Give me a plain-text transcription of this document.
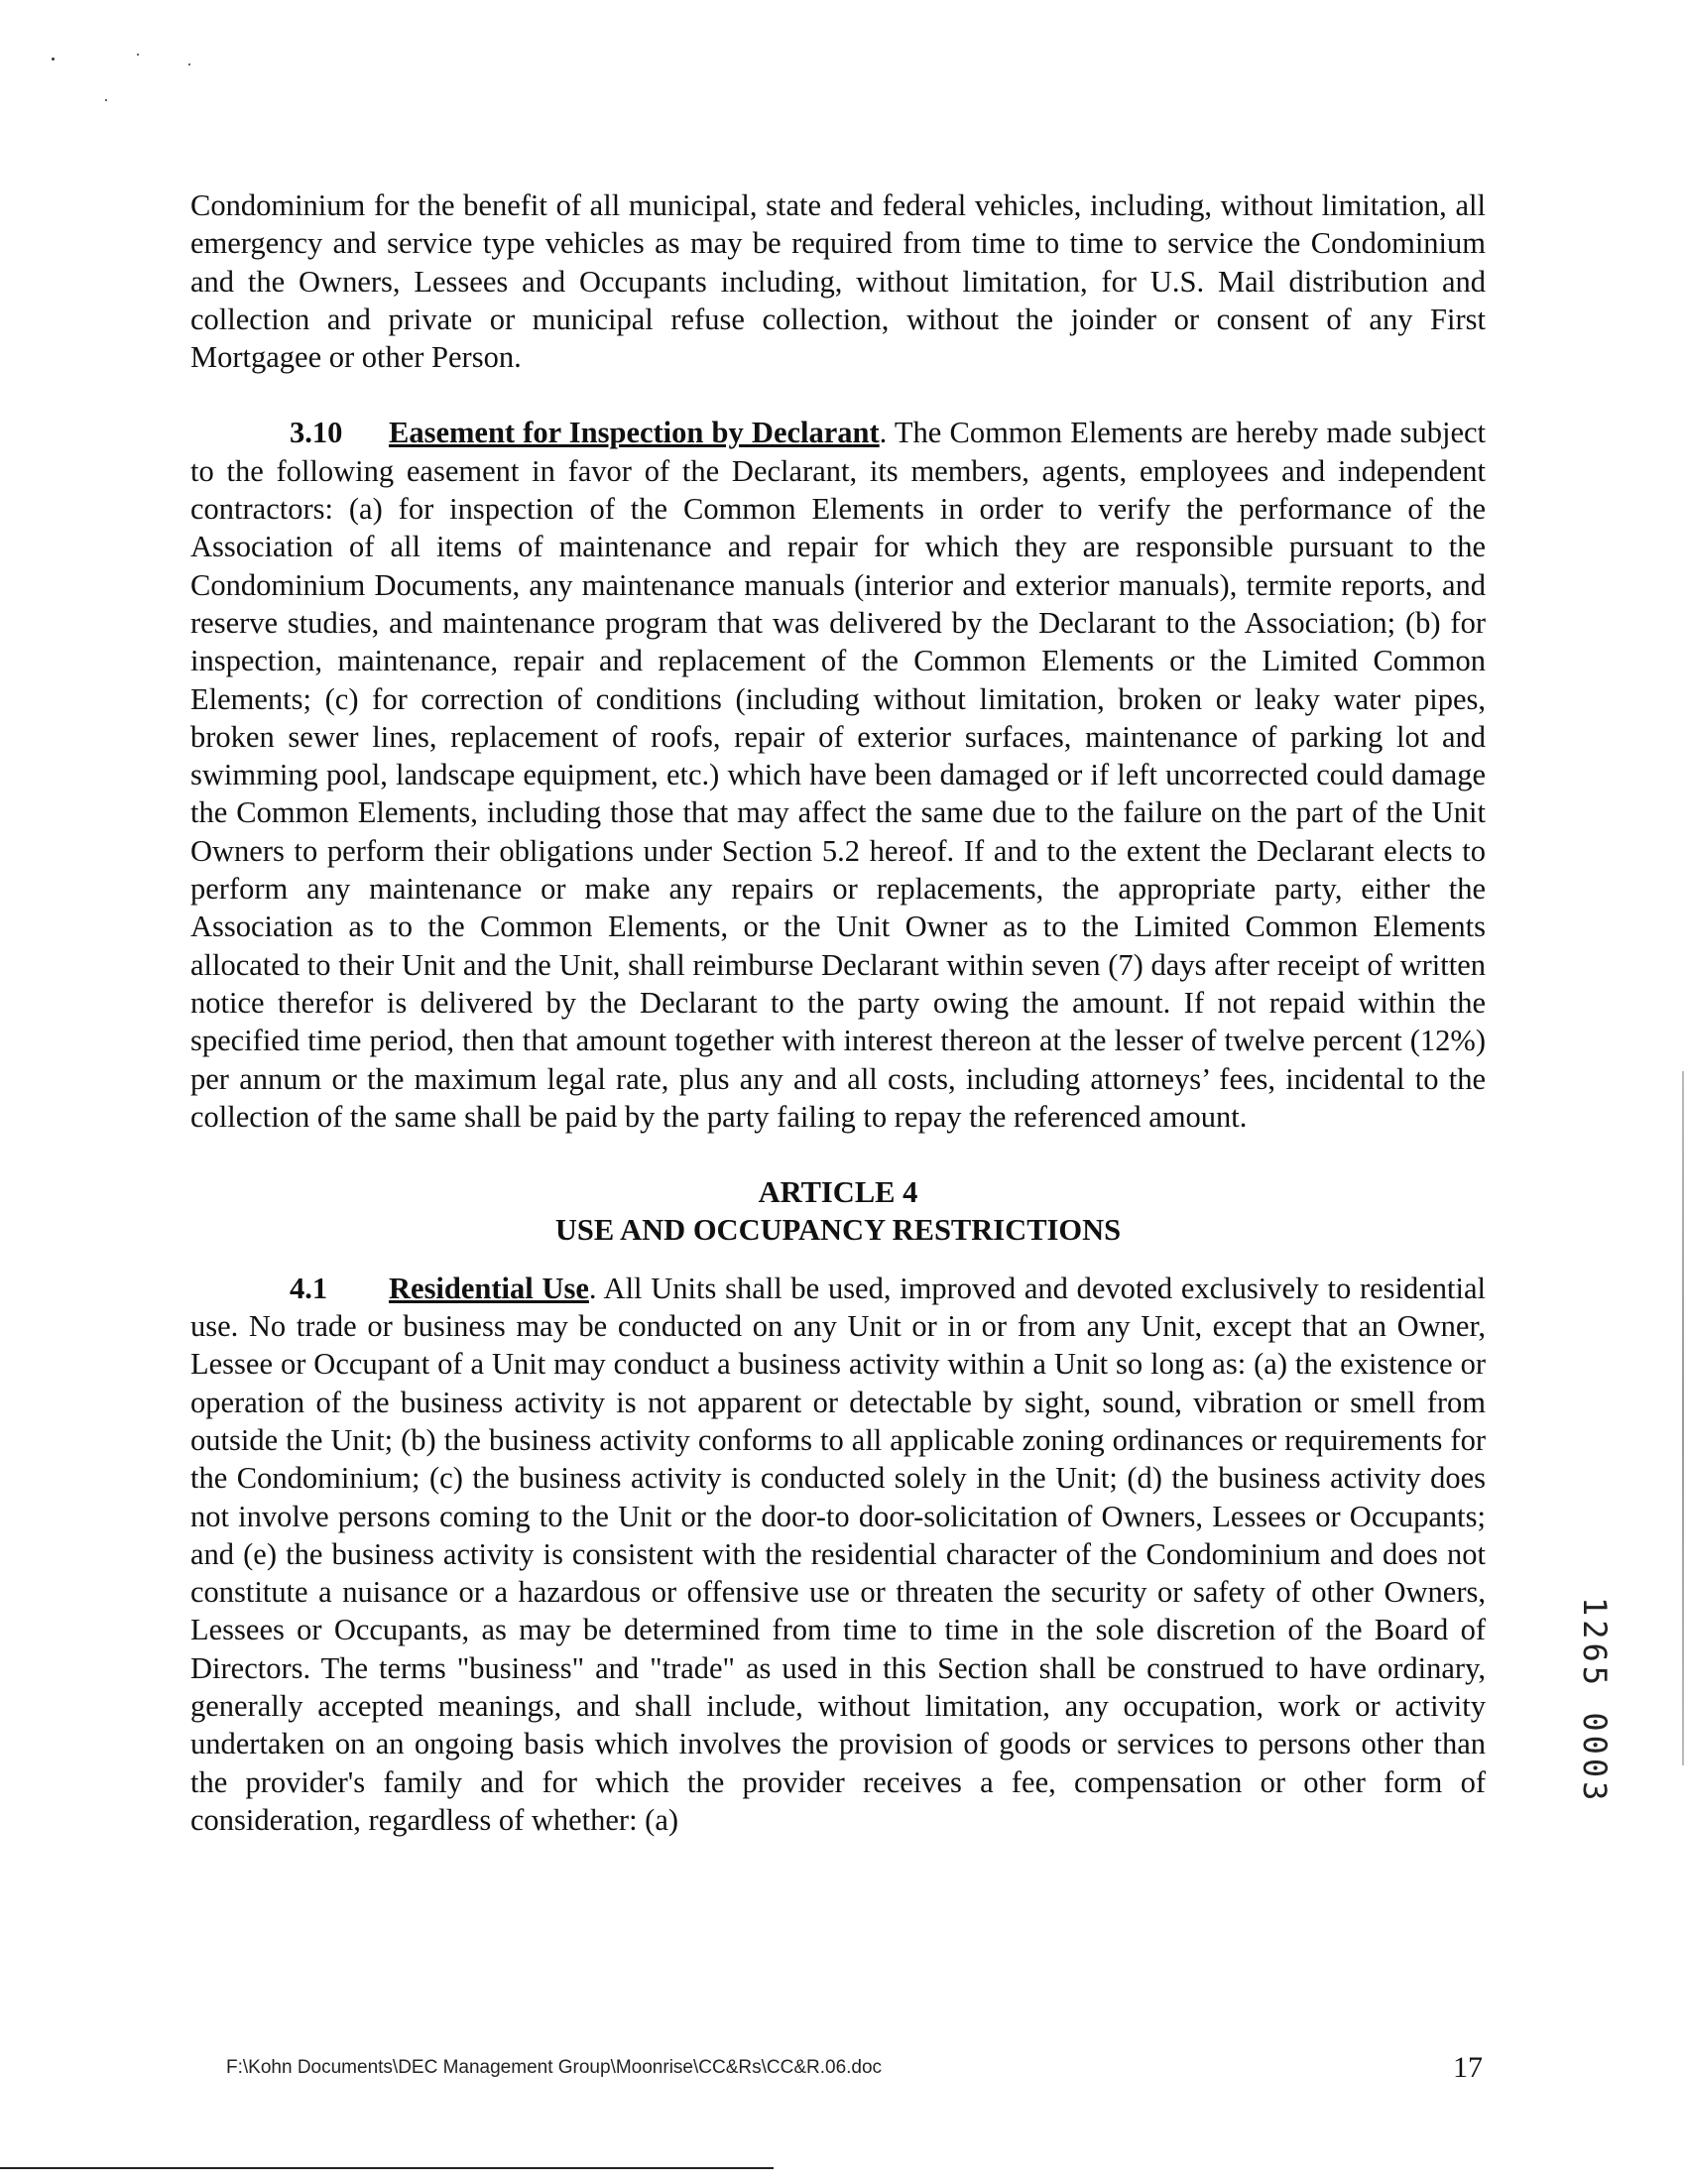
Condominium for the benefit of all municipal, state and federal vehicles, including, without limitation, all emergency and service type vehicles as may be required from time to time to service the Condominium and the Owners, Lessees and Occupants including, without limitation, for U.S. Mail distribution and collection and private or municipal refuse collection, without the joinder or consent of any First Mortgagee or other Person.

3.10 Easement for Inspection by Declarant. The Common Elements are hereby made subject to the following easement in favor of the Declarant, its members, agents, employees and independent contractors: (a) for inspection of the Common Elements in order to verify the performance of the Association of all items of maintenance and repair for which they are responsible pursuant to the Condominium Documents, any maintenance manuals (interior and exterior manuals), termite reports, and reserve studies, and maintenance program that was delivered by the Declarant to the Association; (b) for inspection, maintenance, repair and replacement of the Common Elements or the Limited Common Elements; (c) for correction of conditions (including without limitation, broken or leaky water pipes, broken sewer lines, replacement of roofs, repair of exterior surfaces, maintenance of parking lot and swimming pool, landscape equipment, etc.) which have been damaged or if left uncorrected could damage the Common Elements, including those that may affect the same due to the failure on the part of the Unit Owners to perform their obligations under Section 5.2 hereof. If and to the extent the Declarant elects to perform any maintenance or make any repairs or replacements, the appropriate party, either the Association as to the Common Elements, or the Unit Owner as to the Limited Common Elements allocated to their Unit and the Unit, shall reimburse Declarant within seven (7) days after receipt of written notice therefor is delivered by the Declarant to the party owing the amount. If not repaid within the specified time period, then that amount together with interest thereon at the lesser of twelve percent (12%) per annum or the maximum legal rate, plus any and all costs, including attorneys’ fees, incidental to the collection of the same shall be paid by the party failing to repay the referenced amount.

ARTICLE 4
USE AND OCCUPANCY RESTRICTIONS

4.1 Residential Use. All Units shall be used, improved and devoted exclusively to residential use. No trade or business may be conducted on any Unit or in or from any Unit, except that an Owner, Lessee or Occupant of a Unit may conduct a business activity within a Unit so long as: (a) the existence or operation of the business activity is not apparent or detectable by sight, sound, vibration or smell from outside the Unit; (b) the business activity conforms to all applicable zoning ordinances or requirements for the Condominium; (c) the business activity is conducted solely in the Unit; (d) the business activity does not involve persons coming to the Unit or the door-to door-solicitation of Owners, Lessees or Occupants; and (e) the business activity is consistent with the residential character of the Condominium and does not constitute a nuisance or a hazardous or offensive use or threaten the security or safety of other Owners, Lessees or Occupants, as may be determined from time to time in the sole discretion of the Board of Directors. The terms "business" and "trade" as used in this Section shall be construed to have ordinary, generally accepted meanings, and shall include, without limitation, any occupation, work or activity undertaken on an ongoing basis which involves the provision of goods or services to persons other than the provider's family and for which the provider receives a fee, compensation or other form of consideration, regardless of whether: (a)

1265 0003
F:\Kohn Documents\DEC Management Group\Moonrise\CC&Rs\CC&R.06.doc	17
